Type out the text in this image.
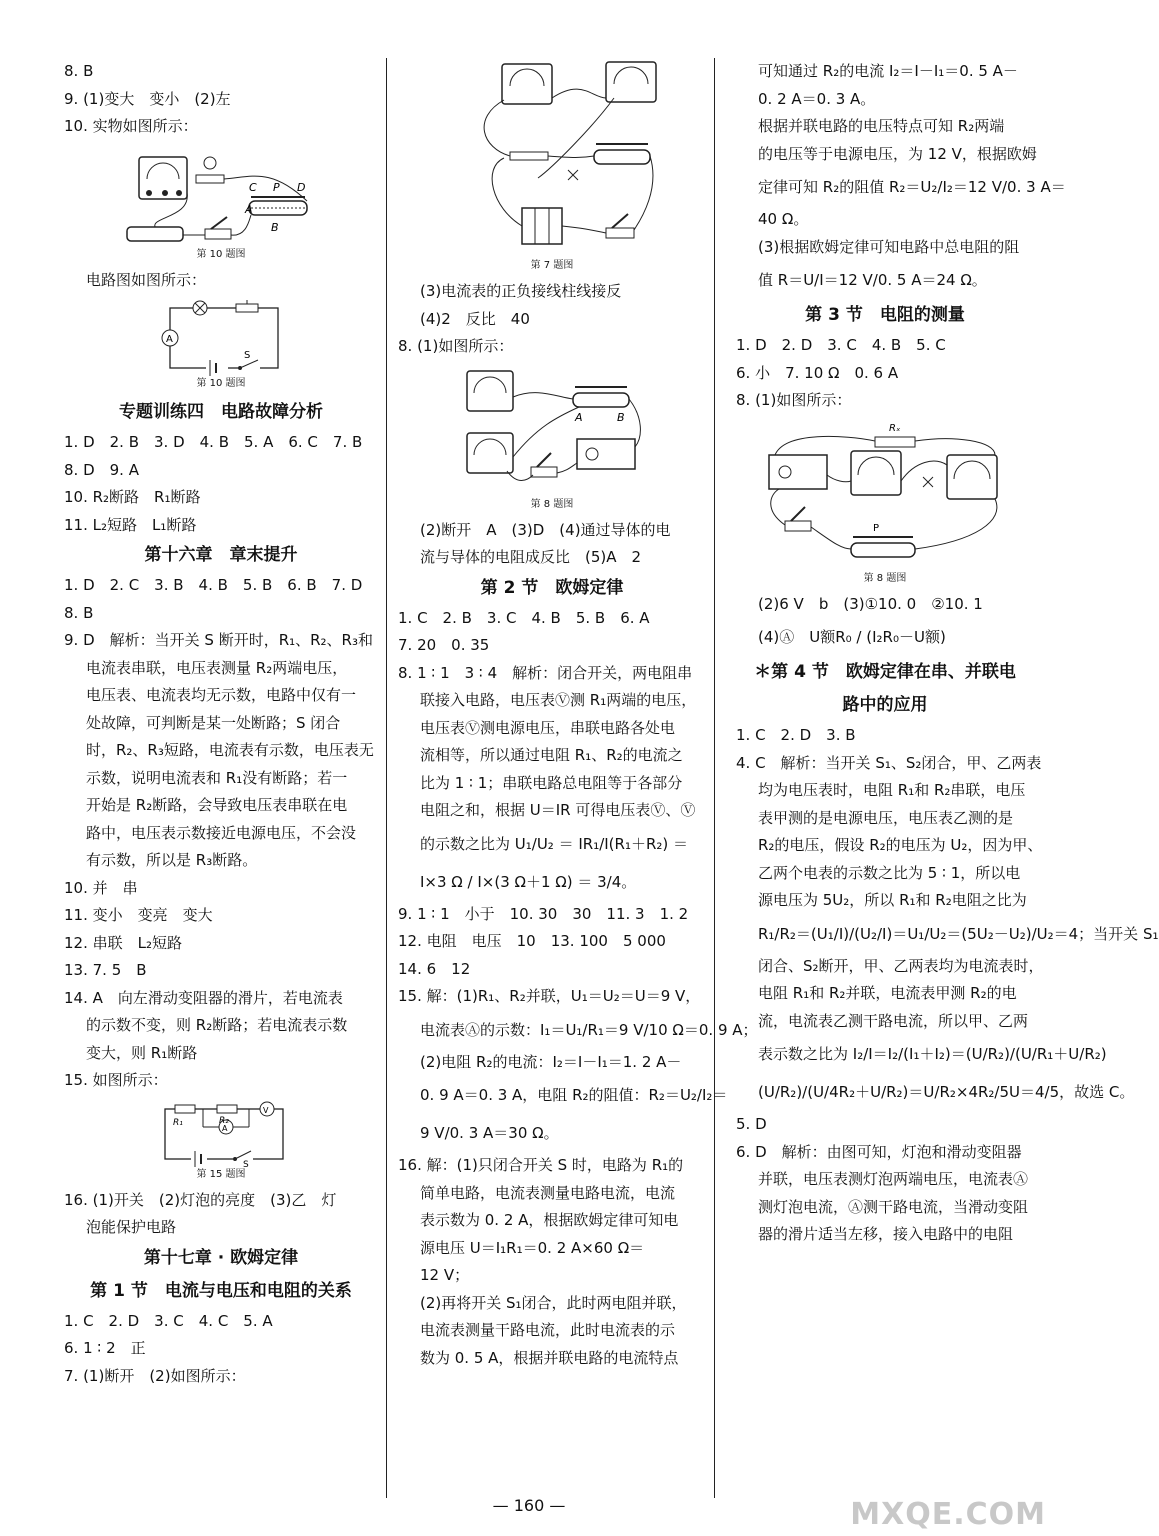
8. B
9. (1)变大　变小　(2)左
10. 实物如图所示：
C P D
A
B
第 10 题图
电路图如图所示：
A
S
第 10 题图
专题训练四　电路故障分析
1. D　2. B　3. D　4. B　5. A　6. C　7. B
8. D　9. A
10. R₂断路　R₁断路
11. L₂短路　L₁断路
第十六章　章末提升
1. D　2. C　3. B　4. B　5. B　6. B　7. D
8. B
9. D　解析：当开关 S 断开时，R₁、R₂、R₃和
电流表串联，电压表测量 R₂两端电压，
电压表、电流表均无示数，电路中仅有一
处故障，可判断是某一处断路；S 闭合
时，R₂、R₃短路，电流表有示数，电压表无
示数，说明电流表和 R₁没有断路；若一
开始是 R₂断路，会导致电压表串联在电
路中，电压表示数接近电源电压，不会没
有示数，所以是 R₃断路。
10. 并　串
11. 变小　变亮　变大
12. 串联　L₂短路
13. 7. 5　B
14. A　向左滑动变阻器的滑片，若电流表
的示数不变，则 R₂断路；若电流表示数
变大，则 R₁断路
15. 如图所示：
R₁	R₂
A
V
S
第 15 题图
16. (1)开关　(2)灯泡的亮度　(3)乙　灯
泡能保护电路
第十七章 · 欧姆定律
第 1 节　电流与电压和电阻的关系
1. C　2. D　3. C　4. C　5. A
6. 1 ∶ 2　正
7. (1)断开　(2)如图所示：
第 7 题图
(3)电流表的正负接线柱线接反
(4)2　反比　40
8. (1)如图所示：
A	B
第 8 题图
(2)断开　A　(3)D　(4)通过导体的电
流与导体的电阻成反比　(5)A　2
第 2 节　欧姆定律
1. C　2. B　3. C　4. B　5. B　6. A
7. 20　0. 35
8. 1 ∶ 1　3 ∶ 4　解析：闭合开关，两电阻串
联接入电路，电压表Ⓥ测 R₁两端的电压，
电压表Ⓥ测电源电压，串联电路各处电
流相等，所以通过电阻 R₁、R₂的电流之
比为 1 ∶ 1；串联电路总电阻等于各部分
电阻之和，根据 U＝IR 可得电压表Ⓥ、Ⓥ
的示数之比为 U₁/U₂ ＝ IR₁/I(R₁＋R₂) ＝
I×3 Ω / I×(3 Ω＋1 Ω) ＝ 3/4。
9. 1 ∶ 1　小于　10. 30　30　11. 3　1. 2
12. 电阻　电压　10　13. 100　5 000
14. 6　12
15. 解：(1)R₁、R₂并联，U₁＝U₂＝U＝9 V，
电流表Ⓐ的示数：I₁＝U₁/R₁＝9 V/10 Ω＝0. 9 A；
(2)电阻 R₂的电流：I₂＝I－I₁＝1. 2 A－
0. 9 A＝0. 3 A，电阻 R₂的阻值：R₂＝U₂/I₂＝
9 V/0. 3 A＝30 Ω。
16. 解：(1)只闭合开关 S 时，电路为 R₁的
简单电路，电流表测量电路电流，电流
表示数为 0. 2 A，根据欧姆定律可知电
源电压 U＝I₁R₁＝0. 2 A×60 Ω＝
12 V；
(2)再将开关 S₁闭合，此时两电阻并联，
电流表测量干路电流，此时电流表的示
数为 0. 5 A，根据并联电路的电流特点
可知通过 R₂的电流 I₂＝I－I₁＝0. 5 A－
0. 2 A＝0. 3 A。
根据并联电路的电压特点可知 R₂两端
的电压等于电源电压，为 12 V，根据欧姆
定律可知 R₂的阻值 R₂＝U₂/I₂＝12 V/0. 3 A＝
40 Ω。
(3)根据欧姆定律可知电路中总电阻的阻
值 R＝U/I＝12 V/0. 5 A＝24 Ω。
第 3 节　电阻的测量
1. D　2. D　3. C　4. B　5. C
6. 小　7. 10 Ω　0. 6 A
8. (1)如图所示：
Rₓ
P
第 8 题图
(2)6 V　b　(3)①10. 0　②10. 1
(4)Ⓐ　U额R₀ / (I₂R₀－U额)
＊第 4 节　欧姆定律在串、并联电
路中的应用
1. C　2. D　3. B
4. C　解析：当开关 S₁、S₂闭合，甲、乙两表
均为电压表时，电阻 R₁和 R₂串联，电压
表甲测的是电源电压，电压表乙测的是
R₂的电压，假设 R₂的电压为 U₂，因为甲、
乙两个电表的示数之比为 5 ∶ 1，所以电
源电压为 5U₂，所以 R₁和 R₂电阻之比为
R₁/R₂＝(U₁/I)/(U₂/I)＝U₁/U₂＝(5U₂－U₂)/U₂＝4；当开关 S₁
闭合、S₂断开，甲、乙两表均为电流表时，
电阻 R₁和 R₂并联，电流表甲测 R₂的电
流，电流表乙测干路电流，所以甲、乙两
表示数之比为 I₂/I＝I₂/(I₁＋I₂)＝(U/R₂)/(U/R₁＋U/R₂)
(U/R₂)/(U/4R₂＋U/R₂)＝U/R₂×4R₂/5U＝4/5，故选 C。
5. D
6. D　解析：由图可知，灯泡和滑动变阻器
并联，电压表测灯泡两端电压，电流表Ⓐ
测灯泡电流，Ⓐ测干路电流，当滑动变阻
器的滑片适当左移，接入电路中的电阻
— 160 —	MXQE.COM
